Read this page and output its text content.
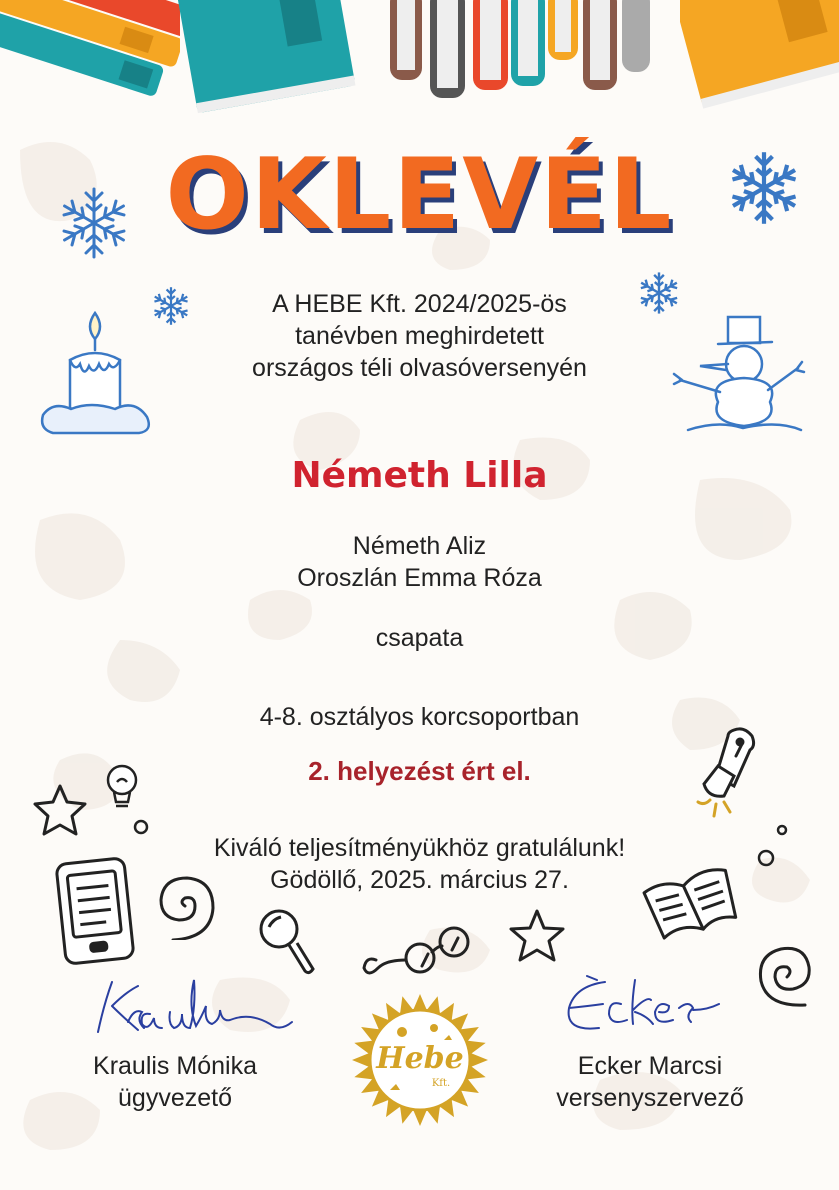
OKLEVÉL
A HEBE Kft. 2024/2025-ös
tanévben meghirdetett
országos téli olvasóversenyén
Németh Lilla
Németh Aliz
Oroszlán Emma Róza
csapata
4-8. osztályos korcsoportban
2. helyezést ért el.
Kiváló teljesítményükhöz gratulálunk!
Gödöllő, 2025. március 27.
Kraulis Mónika
ügyvezető
Ecker Marcsi
versenyszervező
Hebe
Kft.
